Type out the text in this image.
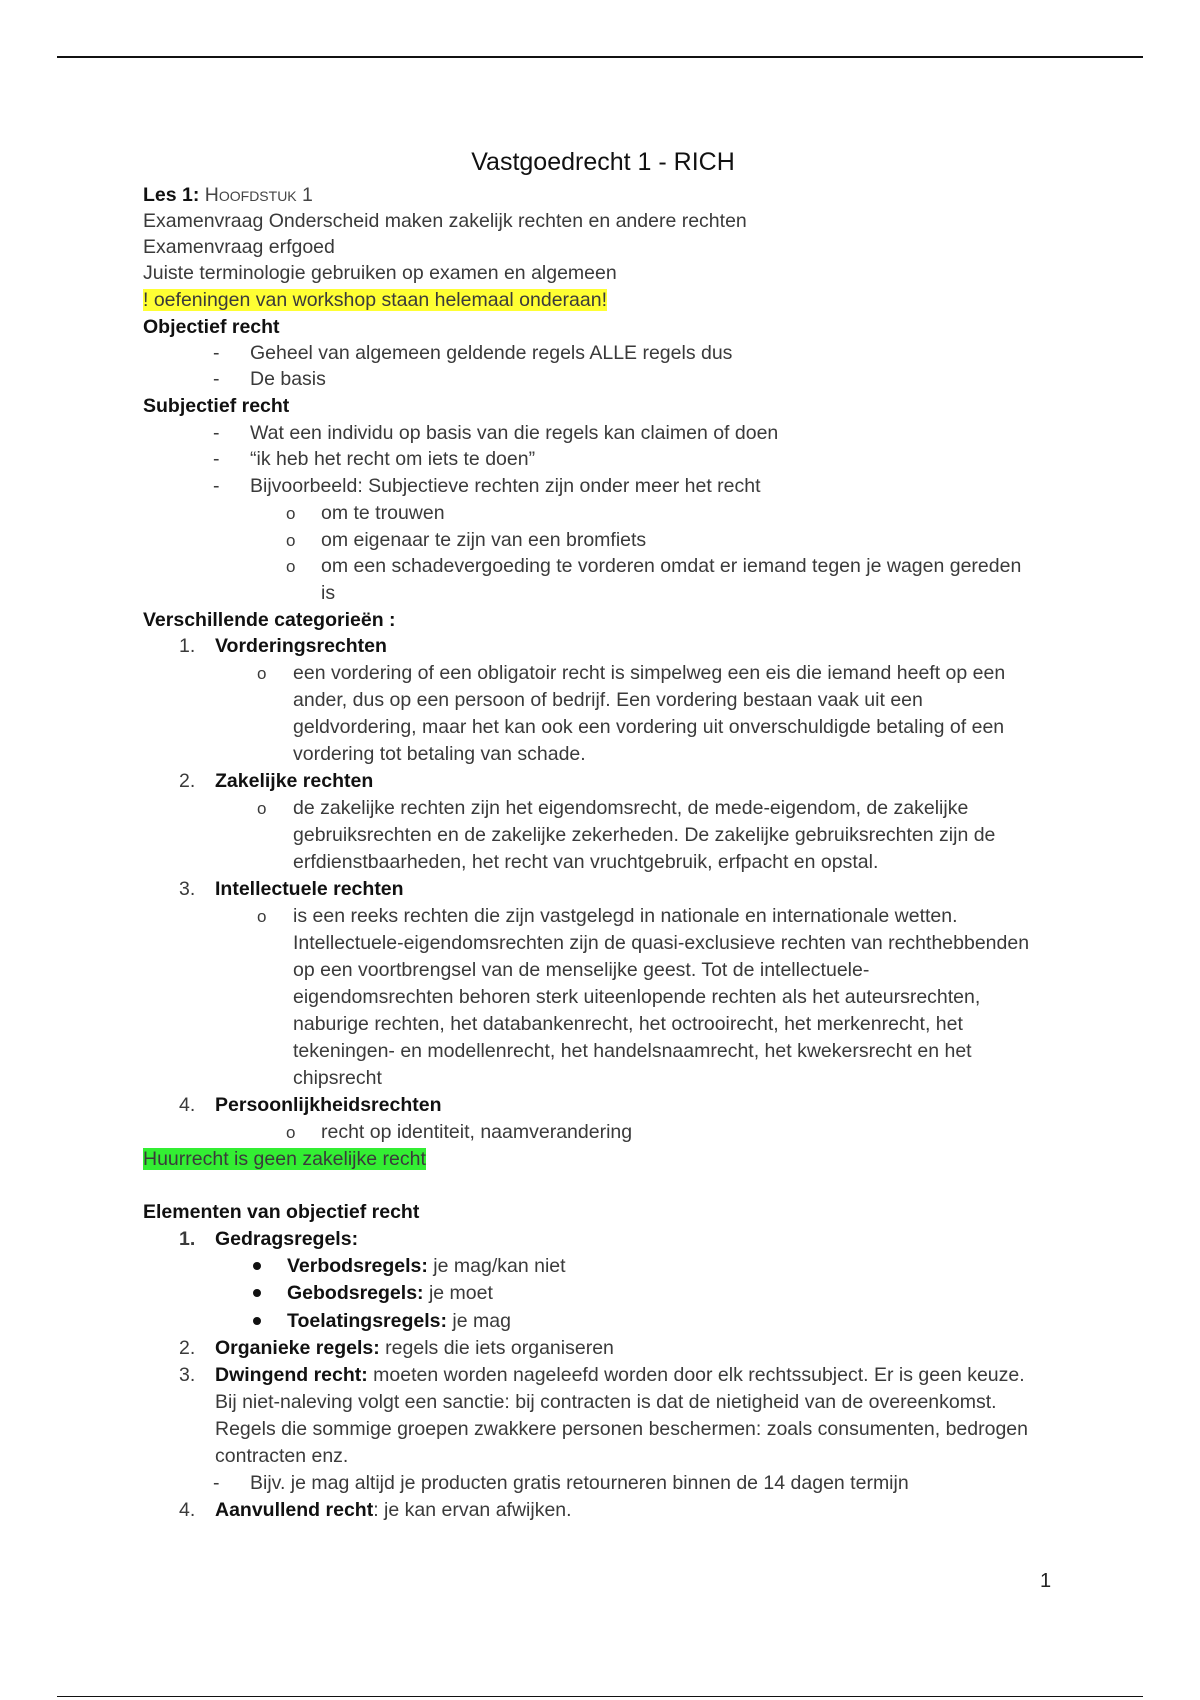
Vastgoedrecht 1 - RICH
Les 1: Hoofdstuk 1
Examenvraag Onderscheid maken zakelijk rechten en andere rechten
Examenvraag erfgoed
Juiste terminologie gebruiken op examen en algemeen
! oefeningen van workshop staan helemaal onderaan!
Objectief recht
- Geheel van algemeen geldende regels ALLE regels dus
- De basis
Subjectief recht
- Wat een individu op basis van die regels kan claimen of doen
- “ik heb het recht om iets te doen”
- Bijvoorbeeld: Subjectieve rechten zijn onder meer het recht
o om te trouwen
o om eigenaar te zijn van een bromfiets
o om een schadevergoeding te vorderen omdat er iemand tegen je wagen gereden
is
Verschillende categorieën :
1. Vorderingsrechten
o een vordering of een obligatoir recht is simpelweg een eis die iemand heeft op een
ander, dus op een persoon of bedrijf. Een vordering bestaan vaak uit een
geldvordering, maar het kan ook een vordering uit onverschuldigde betaling of een
vordering tot betaling van schade.
2. Zakelijke rechten
o de zakelijke rechten zijn het eigendomsrecht, de mede-eigendom, de zakelijke
gebruiksrechten en de zakelijke zekerheden. De zakelijke gebruiksrechten zijn de
erfdienstbaarheden, het recht van vruchtgebruik, erfpacht en opstal.
3. Intellectuele rechten
o is een reeks rechten die zijn vastgelegd in nationale en internationale wetten.
Intellectuele-eigendomsrechten zijn de quasi-exclusieve rechten van rechthebbenden
op een voortbrengsel van de menselijke geest. Tot de intellectuele-
eigendomsrechten behoren sterk uiteenlopende rechten als het auteursrechten,
naburige rechten, het databankenrecht, het octrooirecht, het merkenrecht, het
tekeningen- en modellenrecht, het handelsnaamrecht, het kwekersrecht en het
chipsrecht
4. Persoonlijkheidsrechten
o recht op identiteit, naamverandering
Huurrecht is geen zakelijke recht
Elementen van objectief recht
1. Gedragsregels:
Verbodsregels: je mag/kan niet
Gebodsregels: je moet
Toelatingsregels: je mag
2. Organieke regels: regels die iets organiseren
3. Dwingend recht: moeten worden nageleefd worden door elk rechtssubject. Er is geen keuze.
Bij niet-naleving volgt een sanctie: bij contracten is dat de nietigheid van de overeenkomst.
Regels die sommige groepen zwakkere personen beschermen: zoals consumenten, bedrogen
contracten enz.
- Bijv. je mag altijd je producten gratis retourneren binnen de 14 dagen termijn
4. Aanvullend recht: je kan ervan afwijken.
1
